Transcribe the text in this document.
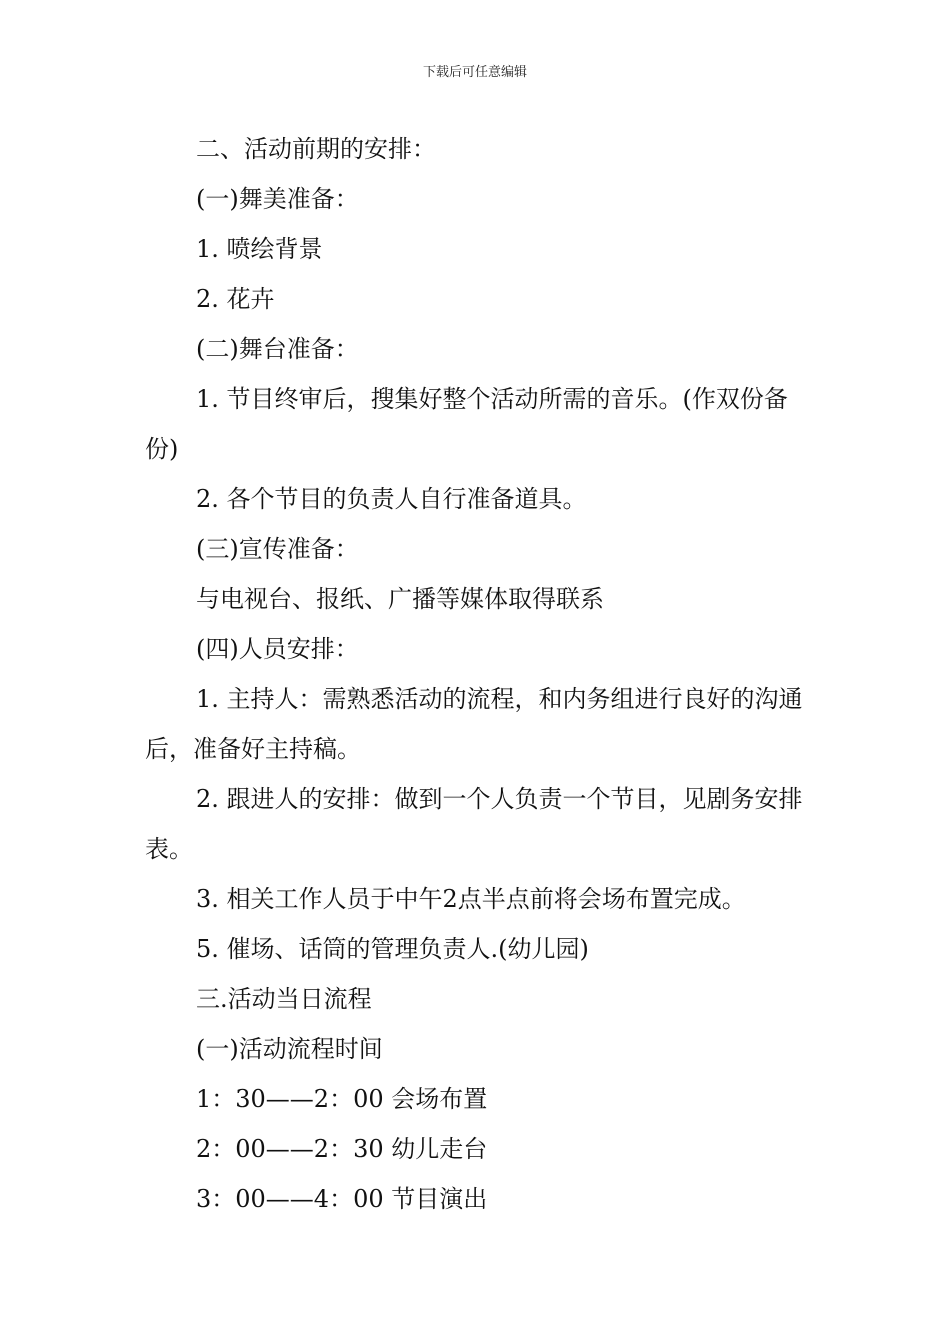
下载后可任意编辑

二、活动前期的安排：

(一)舞美准备：

1. 喷绘背景

2. 花卉

(二)舞台准备：

1. 节目终审后，搜集好整个活动所需的音乐。(作双份备份)

2. 各个节目的负责人自行准备道具。

(三)宣传准备：

与电视台、报纸、广播等媒体取得联系

(四)人员安排：

1. 主持人：需熟悉活动的流程，和内务组进行良好的沟通后，准备好主持稿。

2. 跟进人的安排：做到一个人负责一个节目，见剧务安排表。

3. 相关工作人员于中午2点半点前将会场布置完成。

5. 催场、话筒的管理负责人.(幼儿园)

三.活动当日流程

(一)活动流程时间

1：30——2：00 会场布置

2：00——2：30 幼儿走台

3：00——4：00 节目演出
